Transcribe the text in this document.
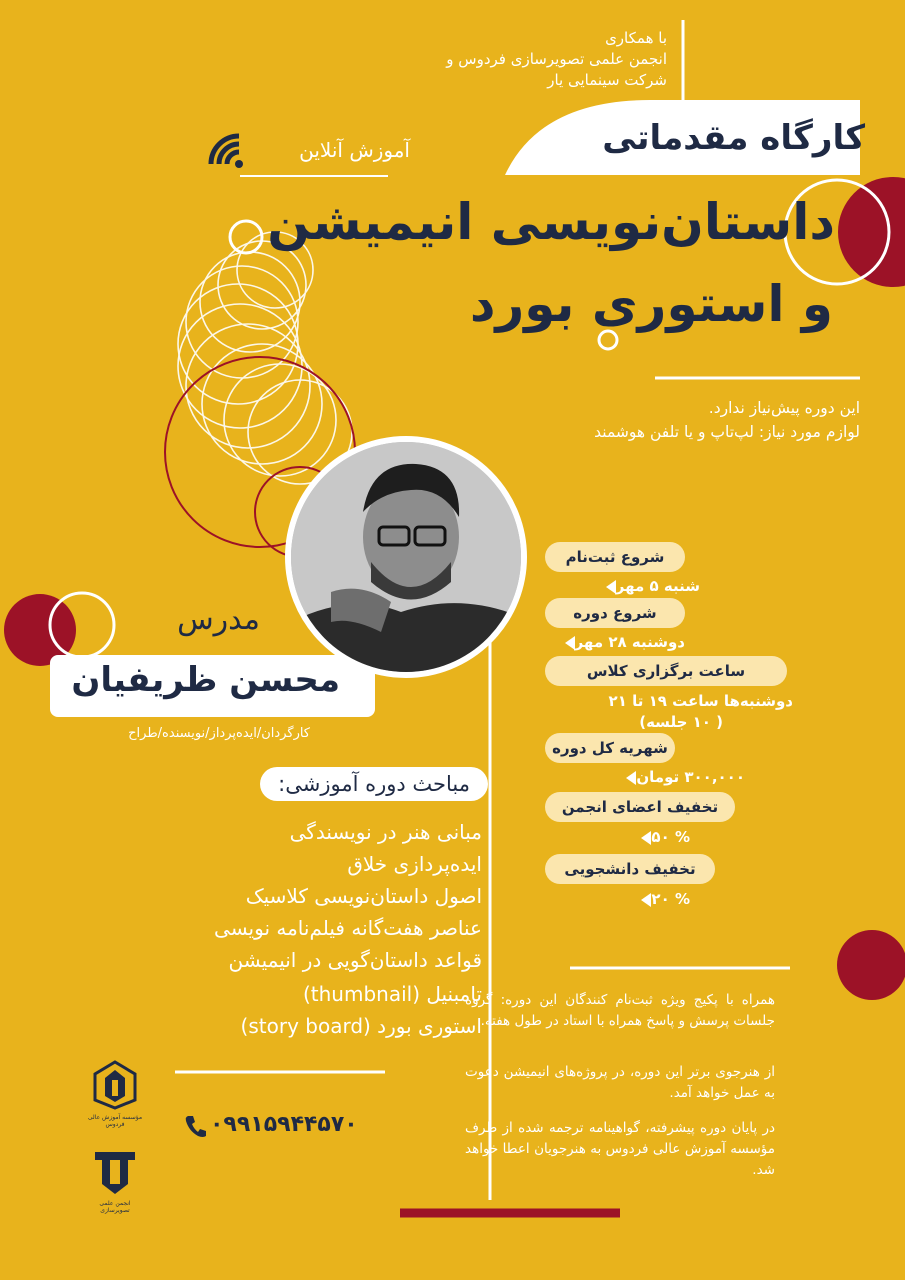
با همکاری
انجمن علمی تصویرسازی فردوس و
شرکت سینمایی یار
آموزش آنلاین	کارگاه مقدماتی
داستان‌نویسی انیمیشن
و استوری بورد
این دوره پیش‌نیاز ندارد.
لوازم مورد نیاز: لپ‌تاپ و یا تلفن هوشمند
مدرس
محسن ظریفیان
کارگردان/ایده‌پرداز/نویسنده/طراح
شروع ثبت‌نام
شنبه ۵ مهر
شروع دوره
دوشنبه ۲۸ مهر
ساعت برگزاری کلاس
دوشنبه‌ها ساعت ۱۹ تا ۲۱
( ۱۰ جلسه)
شهریه کل دوره
۳۰۰,۰۰۰ تومان
تخفیف اعضای انجمن
% ۵۰
تخفیف دانشجویی
% ۲۰
مباحث دوره آموزشی:
مبانی هنر در نویسندگی
ایده‌پردازی خلاق
اصول داستان‌نویسی کلاسیک
عناصر هفت‌گانه فیلم‌نامه نویسی
قواعد داستان‌گویی در انیمیشن
تامبنیل (thumbnail)
استوری بورد (story board)
همراه با پکیج ویژه ثبت‌نام کنندگان این دوره: گروه جلسات پرسش و پاسخ همراه با استاد در طول هفته.
از هنرجوی برتر این دوره، در پروژه‌های انیمیشن دعوت به عمل خواهد آمد.
در پایان دوره پیشرفته، گواهینامه ترجمه شده از طرف مؤسسه آموزش عالی فردوس به هنرجویان اعطا خواهد شد.
۰۹۹۱۵۹۴۴۵۷۰
مؤسسه آموزش عالی فردوس
انجمن علمی تصویرسازی
